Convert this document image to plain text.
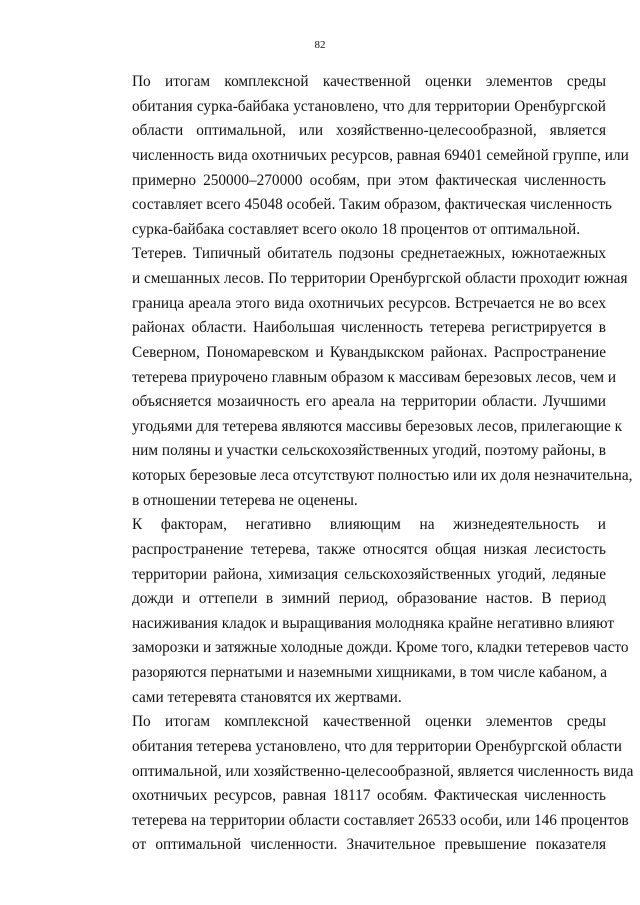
82

По итогам комплексной качественной оценки элементов среды
обитания сурка-байбака установлено, что для территории Оренбургской
области оптимальной, или хозяйственно-целесообразной, является
численность вида охотничьих ресурсов, равная 69401 семейной группе, или
примерно 250000–270000 особям, при этом фактическая численность
составляет всего 45048 особей. Таким образом, фактическая численность
сурка-байбака составляет всего около 18 процентов от оптимальной.

Тетерев. Типичный обитатель подзоны среднетаежных, южнотаежных
и смешанных лесов. По территории Оренбургской области проходит южная
граница ареала этого вида охотничьих ресурсов. Встречается не во всех
районах области. Наибольшая численность тетерева регистрируется в
Северном, Пономаревском и Кувандыкском районах. Распространение
тетерева приурочено главным образом к массивам березовых лесов, чем и
объясняется мозаичность его ареала на территории области. Лучшими
угодьями для тетерева являются массивы березовых лесов, прилегающие к
ним поляны и участки сельскохозяйственных угодий, поэтому районы, в
которых березовые леса отсутствуют полностью или их доля незначительна,
в отношении тетерева не оценены.

К факторам, негативно влияющим на жизнедеятельность и
распространение тетерева, также относятся общая низкая лесистость
территории района, химизация сельскохозяйственных угодий, ледяные
дожди и оттепели в зимний период, образование настов. В период
насиживания кладок и выращивания молодняка крайне негативно влияют
заморозки и затяжные холодные дожди. Кроме того, кладки тетеревов часто
разоряются пернатыми и наземными хищниками, в том числе кабаном, а
сами тетеревята становятся их жертвами.

По итогам комплексной качественной оценки элементов среды
обитания тетерева установлено, что для территории Оренбургской области
оптимальной, или хозяйственно-целесообразной, является численность вида
охотничьих ресурсов, равная 18117 особям. Фактическая численность
тетерева на территории области составляет 26533 особи, или 146 процентов
от оптимальной численности. Значительное превышение показателя
